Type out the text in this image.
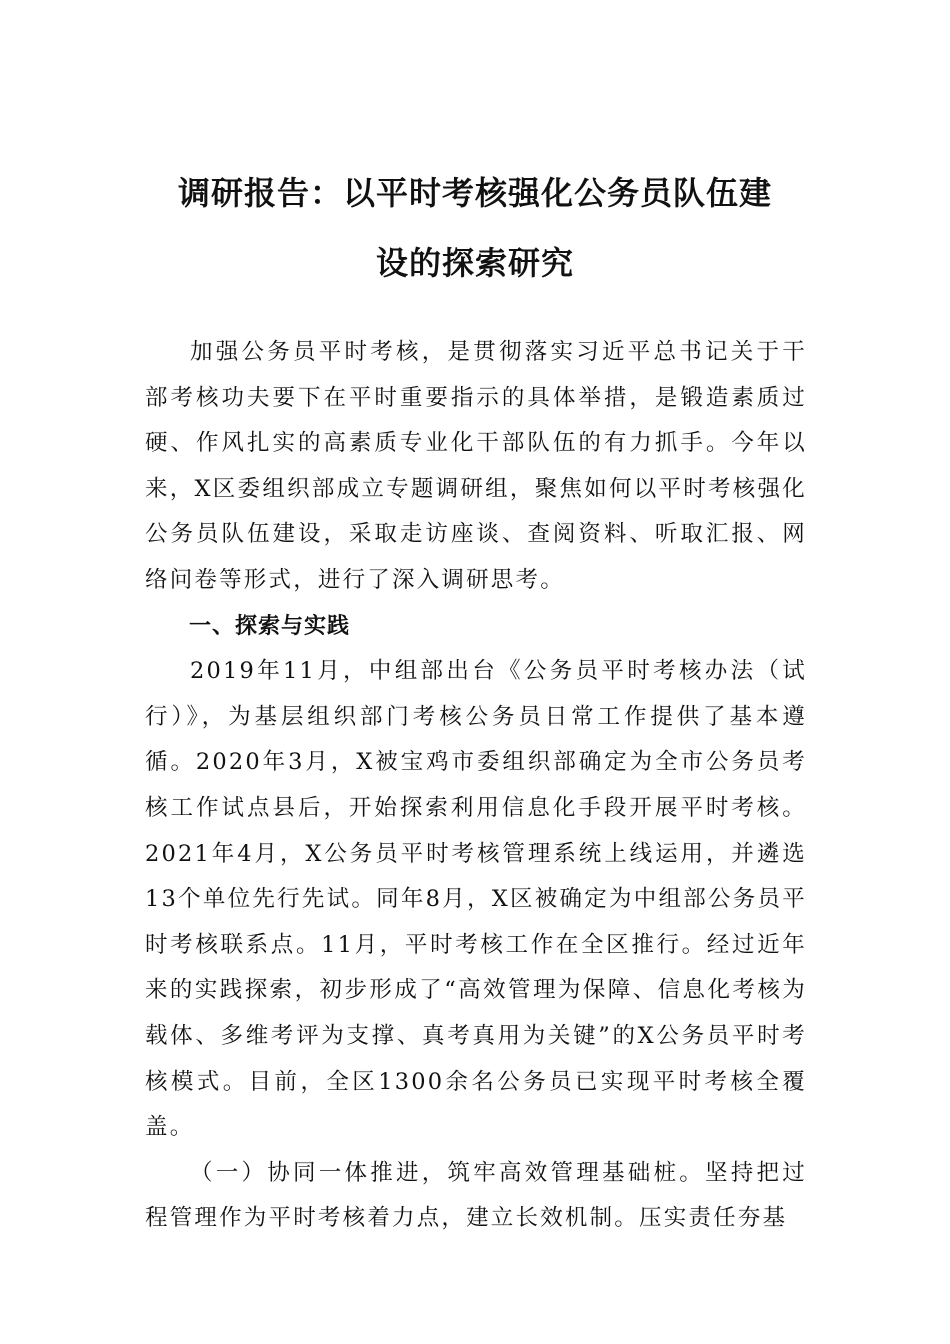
调研报告：以平时考核强化公务员队伍建
设的探索研究

加强公务员平时考核，是贯彻落实习近平总书记关于干部考核功夫要下在平时重要指示的具体举措，是锻造素质过硬、作风扎实的高素质专业化干部队伍的有力抓手。今年以来，X区委组织部成立专题调研组，聚焦如何以平时考核强化公务员队伍建设，采取走访座谈、查阅资料、听取汇报、网络问卷等形式，进行了深入调研思考。

一、探索与实践

2019年11月，中组部出台《公务员平时考核办法（试行）》，为基层组织部门考核公务员日常工作提供了基本遵循。2020年3月，X被宝鸡市委组织部确定为全市公务员考核工作试点县后，开始探索利用信息化手段开展平时考核。2021年4月，X公务员平时考核管理系统上线运用，并遴选13个单位先行先试。同年8月，X区被确定为中组部公务员平时考核联系点。11月，平时考核工作在全区推行。经过近年来的实践探索，初步形成了“高效管理为保障、信息化考核为载体、多维考评为支撑、真考真用为关键”的X公务员平时考核模式。目前，全区1300余名公务员已实现平时考核全覆盖。

（一）协同一体推进，筑牢高效管理基础桩。坚持把过程管理作为平时考核着力点，建立长效机制。压实责任夯基
